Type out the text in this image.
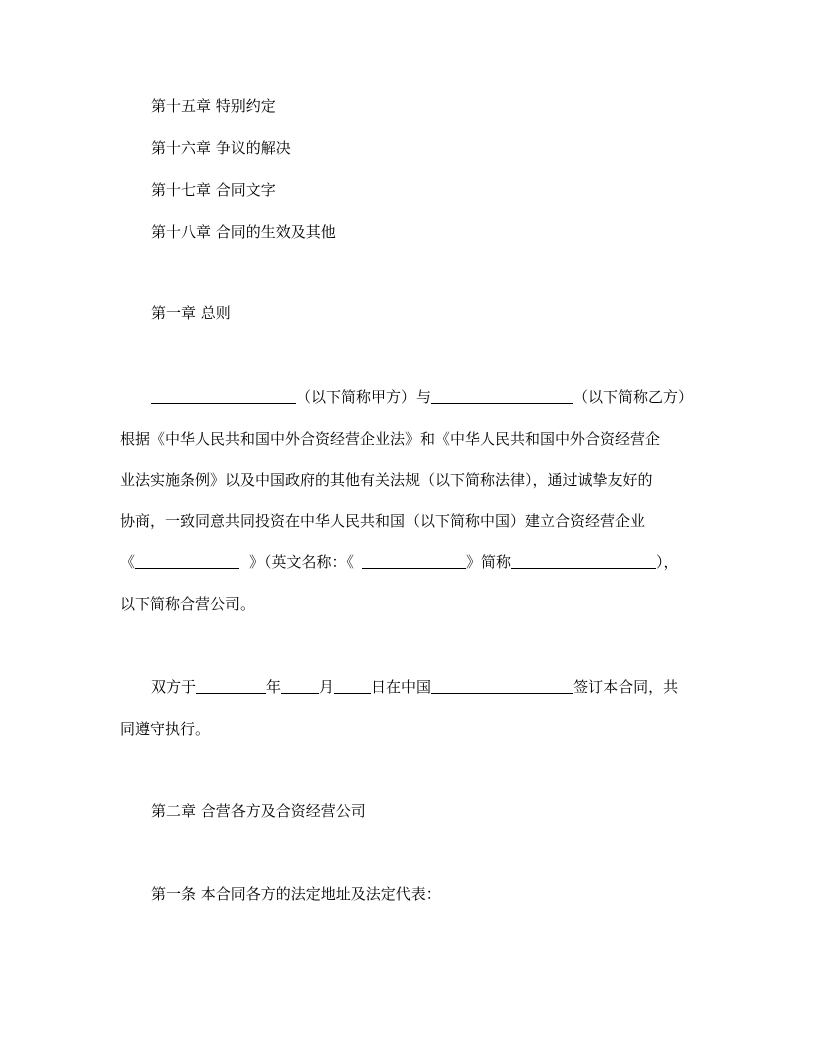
第十五章 特别约定
第十六章 争议的解决
第十七章 合同文字
第十八章 合同的生效及其他
第一章 总则
（以下简称甲方）与	（以下简称乙方）
根据《中华人民共和国中外合资经营企业法》和《中华人民共和国中外合资经营企
业法实施条例》以及中国政府的其他有关法规（以下简称法律），通过诚挚友好的
协商，一致同意共同投资在中华人民共和国（以下简称中国）建立合资经营企业
《	》（英文名称：《	》简称	），
以下简称合营公司。
双方于	年	月 日在中国	签订本合同，共
同遵守执行。
第二章 合营各方及合资经营公司
第一条 本合同各方的法定地址及法定代表：
